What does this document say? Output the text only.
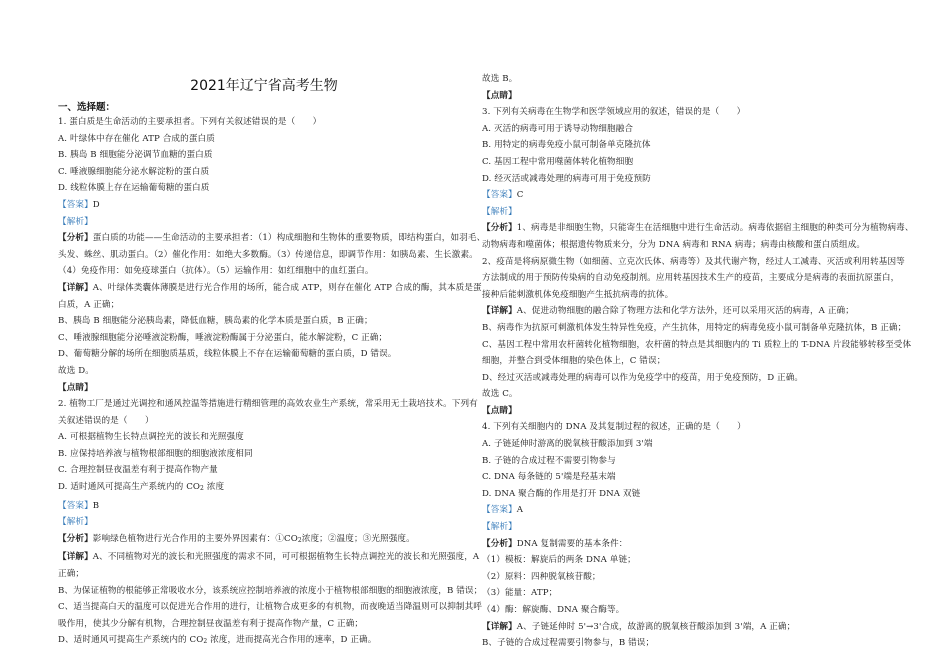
2021年辽宁省高考生物
一、选择题：
1. 蛋白质是生命活动的主要承担者。下列有关叙述错误的是（　　）
A. 叶绿体中存在催化 ATP 合成的蛋白质
B. 胰岛 B 细胞能分泌调节血糖的蛋白质
C. 唾液腺细胞能分泌水解淀粉的蛋白质
D. 线粒体膜上存在运输葡萄糖的蛋白质
【答案】D
【解析】
【分析】蛋白质的功能——生命活动的主要承担者：（1）构成细胞和生物体的重要物质，即结构蛋白，如羽毛、
头发、蛛丝、肌动蛋白。（2）催化作用：如绝大多数酶。（3）传递信息，即调节作用：如胰岛素、生长激素。
（4）免疫作用：如免疫球蛋白（抗体）。（5）运输作用：如红细胞中的血红蛋白。
【详解】A、叶绿体类囊体薄膜是进行光合作用的场所，能合成 ATP，则存在催化 ATP 合成的酶，其本质是蛋
白质，A 正确；
B、胰岛 B 细胞能分泌胰岛素，降低血糖，胰岛素的化学本质是蛋白质，B 正确；
C、唾液腺细胞能分泌唾液淀粉酶，唾液淀粉酶属于分泌蛋白，能水解淀粉，C 正确；
D、葡萄糖分解的场所在细胞质基质，线粒体膜上不存在运输葡萄糖的蛋白质，D 错误。
故选 D。
【点睛】
2. 植物工厂是通过光调控和通风控温等措施进行精细管理的高效农业生产系统，常采用无土栽培技术。下列有
关叙述错误的是（　　）
A. 可根据植物生长特点调控光的波长和光照强度
B. 应保持培养液与植物根部细胞的细胞液浓度相同
C. 合理控制昼夜温差有利于提高作物产量
D. 适时通风可提高生产系统内的 $CO_2$ 浓度
【答案】B
【解析】
【分析】影响绿色植物进行光合作用的主要外界因素有：$①CO_2$浓度；②温度；③光照强度。
【详解】A、不同植物对光的波长和光照强度的需求不同，可可根据植物生长特点调控光的波长和光照强度，A
正确；
B、为保证植物的根能够正常吸收水分，该系统应控制培养液的浓度小于植物根部细胞的细胞液浓度，B 错误；
C、适当提高白天的温度可以促进光合作用的进行，让植物合成更多的有机物，而夜晚适当降温则可以抑制其呼
吸作用，使其少分解有机物，合理控制昼夜温差有利于提高作物产量，C 正确；
D、适时通风可提高生产系统内的 $CO_2$ 浓度，进而提高光合作用的速率，D 正确。
故选 B。
【点睛】
3. 下列有关病毒在生物学和医学领域应用的叙述，错误的是（　　）
A. 灭活的病毒可用于诱导动物细胞融合
B. 用特定的病毒免疫小鼠可制备单克隆抗体
C. 基因工程中常用噬菌体转化植物细胞
D. 经灭活或减毒处理的病毒可用于免疫预防
【答案】C
【解析】
【分析】1、病毒是非细胞生物，只能寄生在活细胞中进行生命活动。病毒依据宿主细胞的种类可分为植物病毒、
动物病毒和噬菌体；根据遗传物质来分，分为 DNA 病毒和 RNA 病毒；病毒由核酸和蛋白质组成。
2、疫苗是将病原微生物（如细菌、立克次氏体、病毒等）及其代谢产物，经过人工减毒、灭活或利用转基因等
方法制成的用于预防传染病的自动免疫制剂。应用转基因技术生产的疫苗，主要成分是病毒的表面抗原蛋白，
接种后能刺激机体免疫细胞产生抵抗病毒的抗体。
【详解】A、促进动物细胞的融合除了物理方法和化学方法外，还可以采用灭活的病毒，A 正确；
B、病毒作为抗原可刺激机体发生特异性免疫，产生抗体，用特定的病毒免疫小鼠可制备单克隆抗体，B 正确；
C、基因工程中常用农杆菌转化植物细胞，农杆菌的特点是其细胞内的 Ti 质粒上的 T-DNA 片段能够转移至受体
细胞，并整合到受体细胞的染色体上，C 错误；
D、经过灭活或减毒处理的病毒可以作为免疫学中的疫苗，用于免疫预防，D 正确。
故选 C。
【点睛】
4. 下列有关细胞内的 DNA 及其复制过程的叙述，正确的是（　　）
A. 子链延伸时游离的脱氧核苷酸添加到 3'端
B. 子链的合成过程不需要引物参与
C. DNA 每条链的 5'端是羟基末端
D. DNA 聚合酶的作用是打开 DNA 双链
【答案】A
【解析】
【分析】DNA 复制需要的基本条件：
（1）模板：解旋后的两条 DNA 单链；
（2）原料：四种脱氧核苷酸；
（3）能量：ATP；
（4）酶：解旋酶、DNA 聚合酶等。
【详解】A、子链延伸时 5'→3'合成，故游离的脱氧核苷酸添加到 3'端，A 正确；
B、子链的合成过程需要引物参与，B 错误；
